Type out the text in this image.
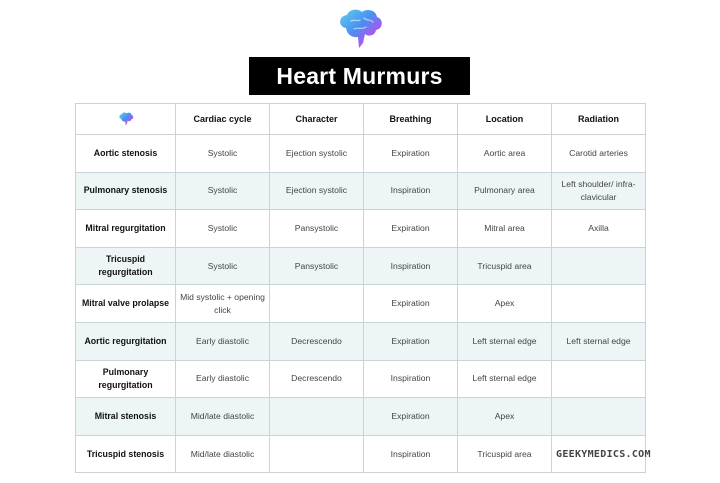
Heart Murmurs
	Cardiac cycle	Character	Breathing	Location	Radiation
Aortic stenosis	Systolic	Ejection systolic	Expiration	Aortic area	Carotid arteries
Pulmonary stenosis	Systolic	Ejection systolic	Inspiration	Pulmonary area	Left shoulder/ infra-clavicular
Mitral regurgitation	Systolic	Pansystolic	Expiration	Mitral area	Axilla
Tricuspid regurgitation	Systolic	Pansystolic	Inspiration	Tricuspid area	
Mitral valve prolapse	Mid systolic + opening click		Expiration	Apex	
Aortic regurgitation	Early diastolic	Decrescendo	Expiration	Left sternal edge	Left sternal edge
Pulmonary regurgitation	Early diastolic	Decrescendo	Inspiration	Left sternal edge	
Mitral stenosis	Mid/late diastolic		Expiration	Apex	
Tricuspid stenosis	Mid/late diastolic		Inspiration	Tricuspid area	GEEKYMEDICS.COM
